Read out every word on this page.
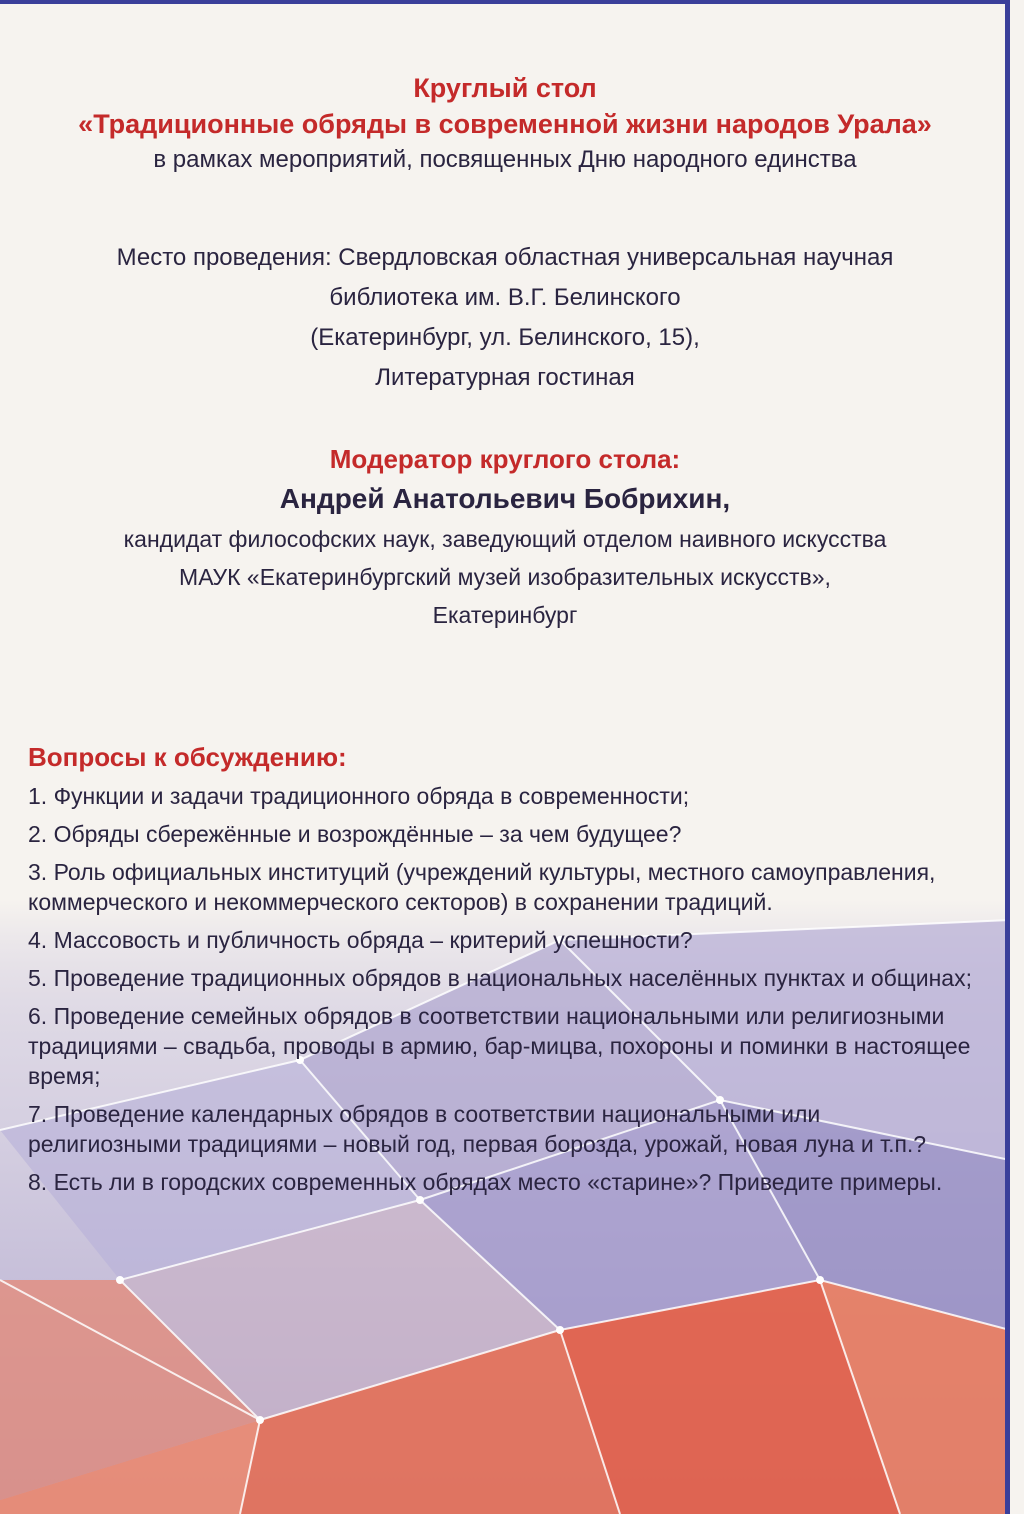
Круглый стол
«Традиционные обряды в современной жизни народов Урала»
в рамках мероприятий, посвященных Дню народного единства
Место проведения: Свердловская областная универсальная научная
библиотека им. В.Г. Белинского
(Екатеринбург, ул. Белинского, 15),
Литературная гостиная
Модератор круглого стола:
Андрей Анатольевич Бобрихин,
кандидат философских наук, заведующий отделом наивного искусства
МАУК «Екатеринбургский музей изобразительных искусств»,
Екатеринбург
Вопросы к обсуждению:
1. Функции и задачи традиционного обряда в современности;
2. Обряды сбережённые и возрождённые – за чем будущее?
3. Роль официальных институций (учреждений культуры, местного самоуправления, коммерческого и некоммерческого секторов) в сохранении традиций.
4. Массовость и публичность обряда – критерий успешности?
5. Проведение традиционных обрядов в национальных населённых пунктах и общинах;
6. Проведение семейных обрядов в соответствии национальными или религиозными традициями – свадьба, проводы в армию, бар-мицва, похороны и поминки в настоящее время;
7. Проведение календарных обрядов в соответствии национальными или религиозными традициями – новый год, первая борозда, урожай, новая луна и т.п.?
8. Есть ли в городских современных обрядах место «старине»? Приведите примеры.
